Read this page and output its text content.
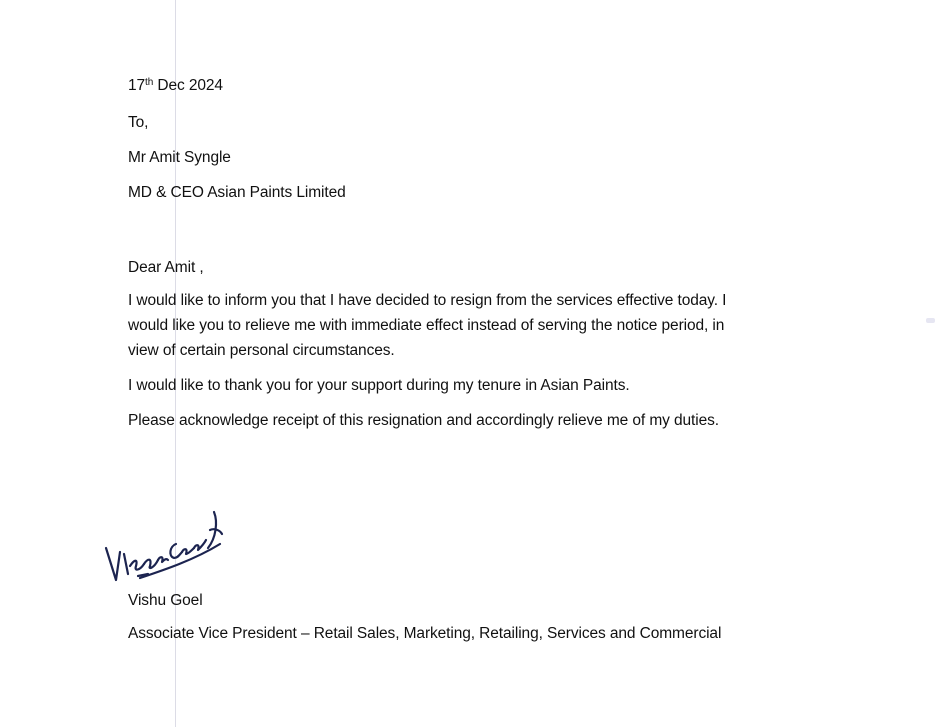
17th Dec 2024
To,
Mr Amit Syngle
MD & CEO Asian Paints Limited
Dear Amit ,
I would like to inform you that I have decided to resign from the services effective today. I
would like you to relieve me with immediate effect instead of serving the notice period, in
view of certain personal circumstances.
I would like to thank you for your support during my tenure in Asian Paints.
Please acknowledge receipt of this resignation and accordingly relieve me of my duties.
Vishu Goel
Associate Vice President – Retail Sales, Marketing, Retailing, Services and Commercial
